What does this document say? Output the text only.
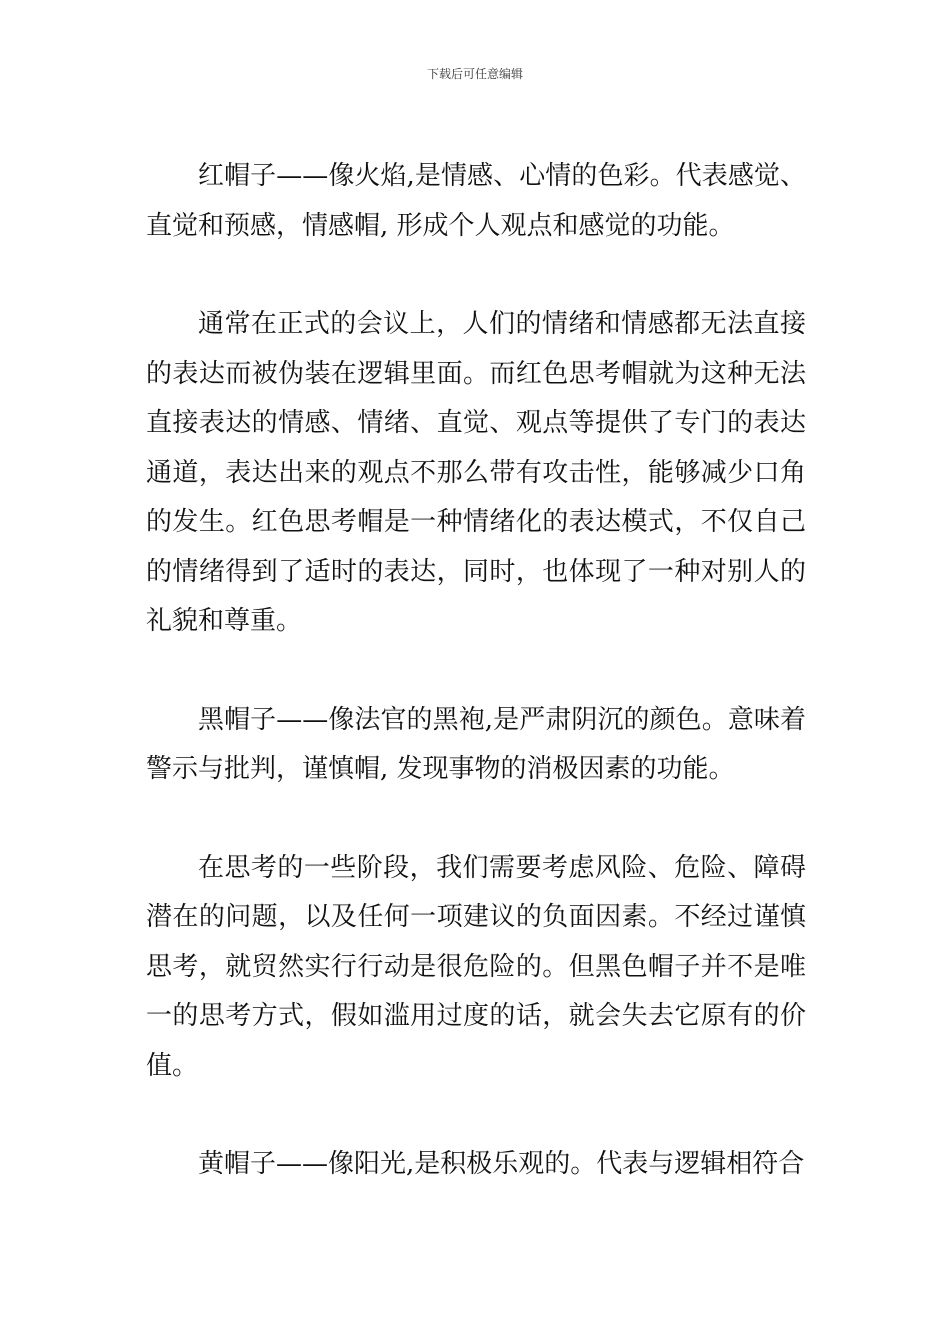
下载后可任意编辑

红帽子——像火焰,是情感、心情的色彩。代表感觉、直觉和预感，情感帽, 形成个人观点和感觉的功能。

通常在正式的会议上，人们的情绪和情感都无法直接的表达而被伪装在逻辑里面。而红色思考帽就为这种无法直接表达的情感、情绪、直觉、观点等提供了专门的表达通道，表达出来的观点不那么带有攻击性，能够减少口角的发生。红色思考帽是一种情绪化的表达模式，不仅自己的情绪得到了适时的表达，同时，也体现了一种对别人的礼貌和尊重。

黑帽子——像法官的黑袍,是严肃阴沉的颜色。意味着警示与批判，谨慎帽, 发现事物的消极因素的功能。

在思考的一些阶段，我们需要考虑风险、危险、障碍潜在的问题，以及任何一项建议的负面因素。不经过谨慎思考，就贸然实行行动是很危险的。但黑色帽子并不是唯一的思考方式，假如滥用过度的话，就会失去它原有的价值。

黄帽子——像阳光,是积极乐观的。代表与逻辑相符合
